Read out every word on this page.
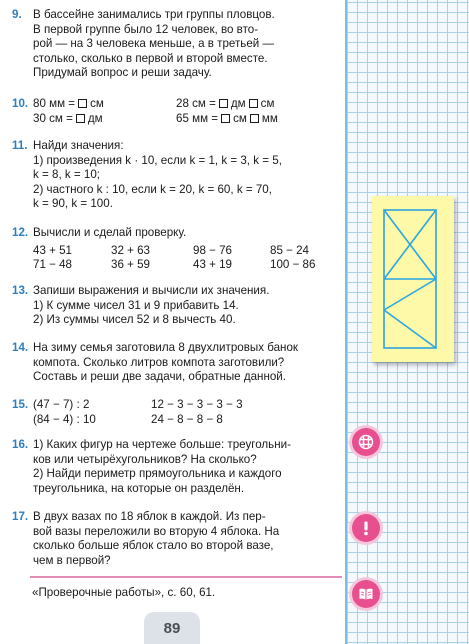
9. В бассейне занимались три группы пловцов.
В первой группе было 12 человек, во вто-
рой — на 3 человека меньше, а в третьей —
столько, сколько в первой и второй вместе.
Придумай вопрос и реши задачу.
10. 80 мм = см	28 см = дм см
30 см = дм	65 мм = см мм
11. Найди значения:
1) произведения k · 10, если k = 1, k = 3, k = 5,
k = 8, k = 10;
2) частного k : 10, если k = 20, k = 60, k = 70,
k = 90, k = 100.
12. Вычисли и сделай проверку.
43 + 51	32 + 63	98 − 76	85 − 24
71 − 48	36 + 59	43 + 19	100 − 86
13. Запиши выражения и вычисли их значения.
1) К сумме чисел 31 и 9 прибавить 14.
2) Из суммы чисел 52 и 8 вычесть 40.
14. На зиму семья заготовила 8 двухлитровых банок
компота. Сколько литров компота заготовили?
Составь и реши две задачи, обратные данной.
15. (47 − 7) : 2	12 − 3 − 3 − 3 − 3
(84 − 4) : 10	24 − 8 − 8 − 8
16. 1) Каких фигур на чертеже больше: треугольни-
ков или четырёхугольников? На сколько?
2) Найди периметр прямоугольника и каждого
треугольника, на которые он разделён.
17. В двух вазах по 18 яблок в каждой. Из пер-
вой вазы переложили во вторую 4 яблока. На
сколько больше яблок стало во второй вазе,
чем в первой?
«Проверочные работы», с. 60, 61.
89
